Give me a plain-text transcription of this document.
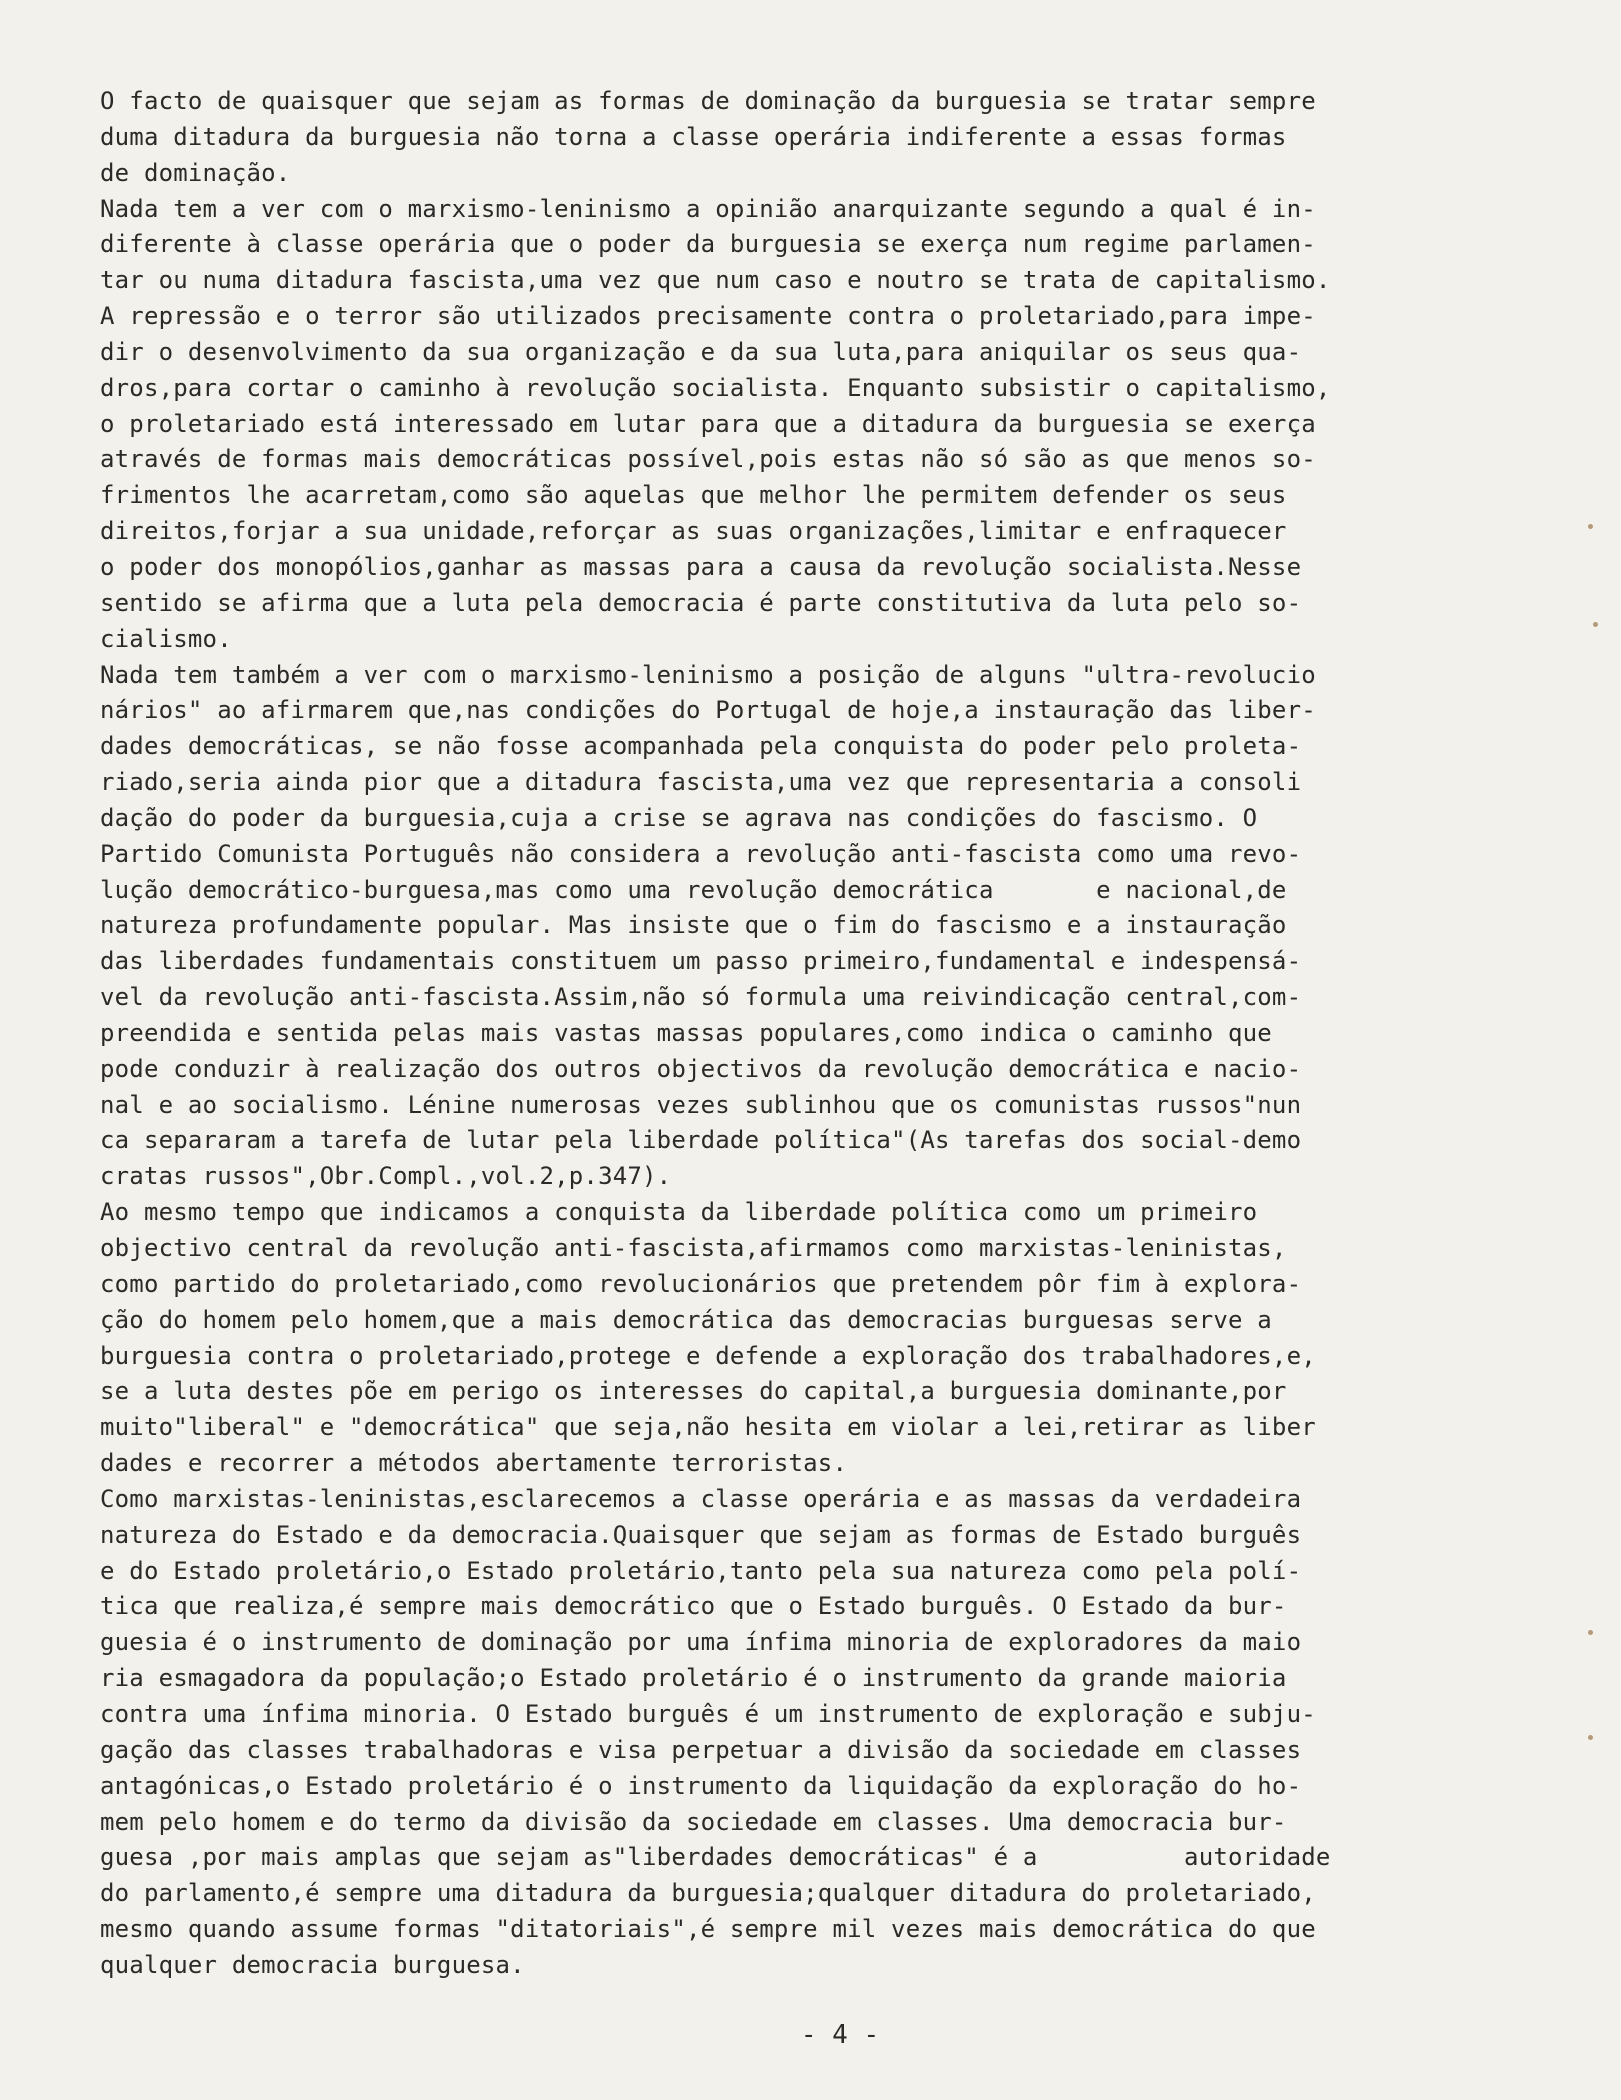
O facto de quaisquer que sejam as formas de dominação da burguesia se tratar sempre
duma ditadura da burguesia não torna a classe operária indiferente a essas formas
de dominação.
Nada tem a ver com o marxismo-leninismo a opinião anarquizante segundo a qual é in-
diferente à classe operária que o poder da burguesia se exerça num regime parlamen-
tar ou numa ditadura fascista,uma vez que num caso e noutro se trata de capitalismo.
A repressão e o terror são utilizados precisamente contra o proletariado,para impe-
dir o desenvolvimento da sua organização e da sua luta,para aniquilar os seus qua-
dros,para cortar o caminho à revolução socialista. Enquanto subsistir o capitalismo,
o proletariado está interessado em lutar para que a ditadura da burguesia se exerça
através de formas mais democráticas possível,pois estas não só são as que menos so-
frimentos lhe acarretam,como são aquelas que melhor lhe permitem defender os seus
direitos,forjar a sua unidade,reforçar as suas organizações,limitar e enfraquecer
o poder dos monopólios,ganhar as massas para a causa da revolução socialista.Nesse
sentido se afirma que a luta pela democracia é parte constitutiva da luta pelo so-
cialismo.
Nada tem também a ver com o marxismo-leninismo a posição de alguns "ultra-revolucio
nários" ao afirmarem que,nas condições do Portugal de hoje,a instauração das liber-
dades democráticas, se não fosse acompanhada pela conquista do poder pelo proleta-
riado,seria ainda pior que a ditadura fascista,uma vez que representaria a consoli
dação do poder da burguesia,cuja a crise se agrava nas condições do fascismo. O
Partido Comunista Português não considera a revolução anti-fascista como uma revo-
lução democrático-burguesa,mas como uma revolução democrática       e nacional,de
natureza profundamente popular. Mas insiste que o fim do fascismo e a instauração
das liberdades fundamentais constituem um passo primeiro,fundamental e indespensá-
vel da revolução anti-fascista.Assim,não só formula uma reivindicação central,com-
preendida e sentida pelas mais vastas massas populares,como indica o caminho que
pode conduzir à realização dos outros objectivos da revolução democrática e nacio-
nal e ao socialismo. Lénine numerosas vezes sublinhou que os comunistas russos"nun
ca separaram a tarefa de lutar pela liberdade política"(As tarefas dos social-demo
cratas russos",Obr.Compl.,vol.2,p.347).
Ao mesmo tempo que indicamos a conquista da liberdade política como um primeiro
objectivo central da revolução anti-fascista,afirmamos como marxistas-leninistas,
como partido do proletariado,como revolucionários que pretendem pôr fim à explora-
ção do homem pelo homem,que a mais democrática das democracias burguesas serve a
burguesia contra o proletariado,protege e defende a exploração dos trabalhadores,e,
se a luta destes põe em perigo os interesses do capital,a burguesia dominante,por
muito"liberal" e "democrática" que seja,não hesita em violar a lei,retirar as liber
dades e recorrer a métodos abertamente terroristas.
Como marxistas-leninistas,esclarecemos a classe operária e as massas da verdadeira
natureza do Estado e da democracia.Quaisquer que sejam as formas de Estado burguês
e do Estado proletário,o Estado proletário,tanto pela sua natureza como pela polí-
tica que realiza,é sempre mais democrático que o Estado burguês. O Estado da bur-
guesia é o instrumento de dominação por uma ínfima minoria de exploradores da maio
ria esmagadora da população;o Estado proletário é o instrumento da grande maioria
contra uma ínfima minoria. O Estado burguês é um instrumento de exploração e subju-
gação das classes trabalhadoras e visa perpetuar a divisão da sociedade em classes
antagónicas,o Estado proletário é o instrumento da liquidação da exploração do ho-
mem pelo homem e do termo da divisão da sociedade em classes. Uma democracia bur-
guesa ,por mais amplas que sejam as"liberdades democráticas" é a          autoridade
do parlamento,é sempre uma ditadura da burguesia;qualquer ditadura do proletariado,
mesmo quando assume formas "ditatoriais",é sempre mil vezes mais democrática do que
qualquer democracia burguesa.
- 4 -
